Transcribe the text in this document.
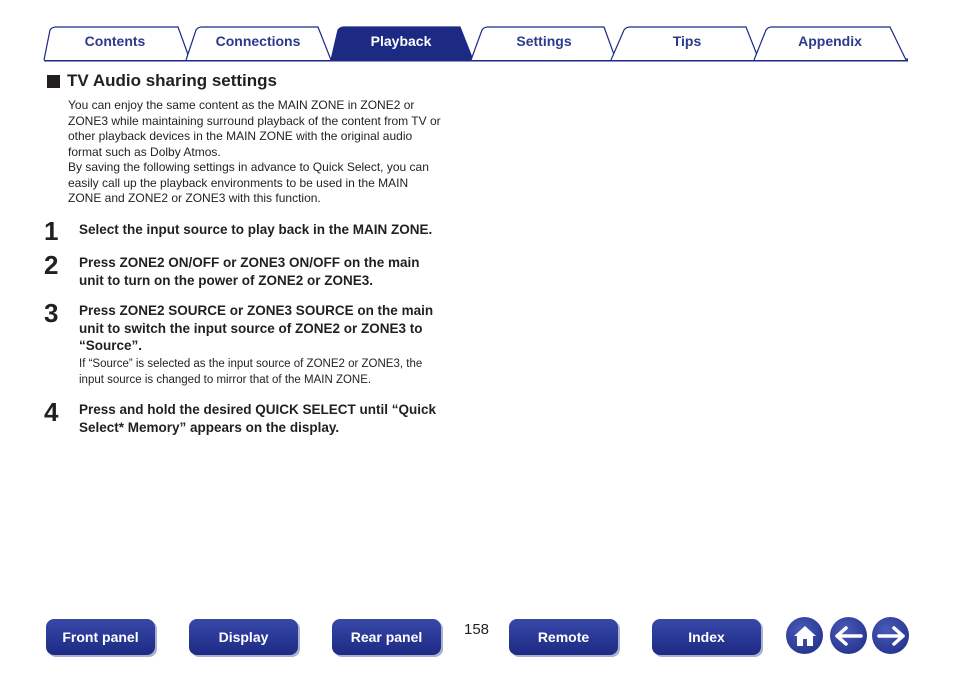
Contents	Connections	Playback	Settings	Tips	Appendix
TV Audio sharing settings
You can enjoy the same content as the MAIN ZONE in ZONE2 or
ZONE3 while maintaining surround playback of the content from TV or
other playback devices in the MAIN ZONE with the original audio
format such as Dolby Atmos.
By saving the following settings in advance to Quick Select, you can
easily call up the playback environments to be used in the MAIN
ZONE and ZONE2 or ZONE3 with this function.
1 Select the input source to play back in the MAIN ZONE.
2 Press ZONE2 ON/OFF or ZONE3 ON/OFF on the main
unit to turn on the power of ZONE2 or ZONE3.
3 Press ZONE2 SOURCE or ZONE3 SOURCE on the main
unit to switch the input source of ZONE2 or ZONE3 to
“Source”.
If “Source” is selected as the input source of ZONE2 or ZONE3, the
input source is changed to mirror that of the MAIN ZONE.
4 Press and hold the desired QUICK SELECT until “Quick
Select* Memory” appears on the display.
Front panel	Display	Rear panel	158	Remote	Index
